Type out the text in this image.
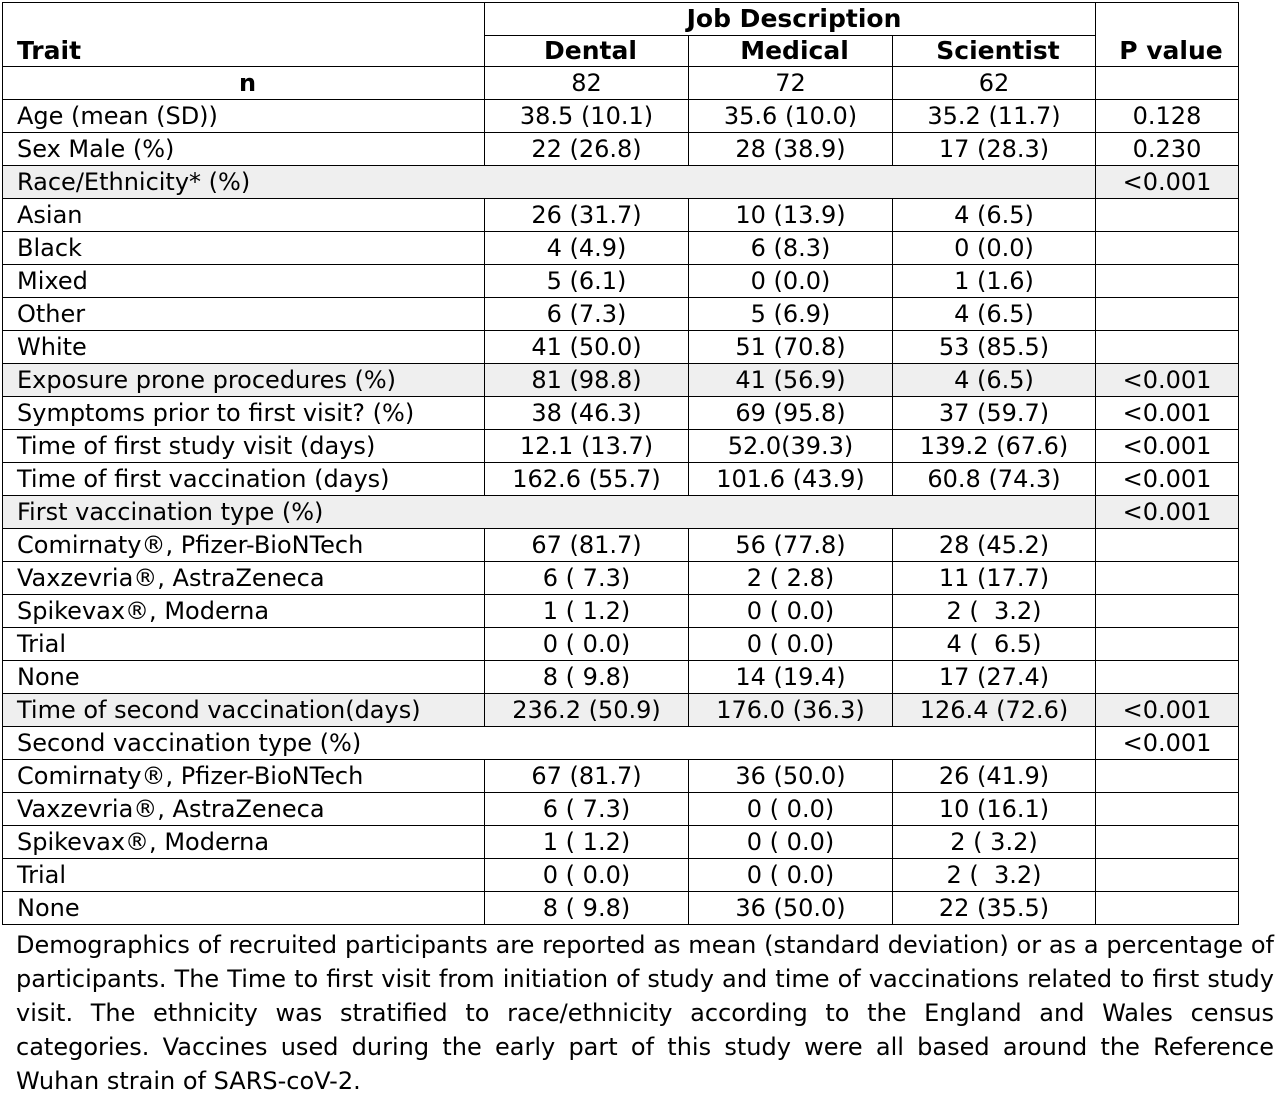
Trait	Job Description			P value
	Dental	Medical	Scientist	
n	82	72	62	
Age (mean (SD))	38.5 (10.1)	35.6 (10.0)	35.2 (11.7)	0.128
Sex Male (%)	22 (26.8)	28 (38.9)	17 (28.3)	0.230
Race/Ethnicity* (%)				<0.001
Asian	26 (31.7)	10 (13.9)	4 (6.5)	
Black	4 (4.9)	6 (8.3)	0 (0.0)	
Mixed	5 (6.1)	0 (0.0)	1 (1.6)	
Other	6 (7.3)	5 (6.9)	4 (6.5)	
White	41 (50.0)	51 (70.8)	53 (85.5)	
Exposure prone procedures (%)	81 (98.8)	41 (56.9)	4 (6.5)	<0.001
Symptoms prior to first visit? (%)	38 (46.3)	69 (95.8)	37 (59.7)	<0.001
Time of first study visit (days)	12.1 (13.7)	52.0(39.3)	139.2 (67.6)	<0.001
Time of first vaccination (days)	162.6 (55.7)	101.6 (43.9)	60.8 (74.3)	<0.001
First vaccination type (%)				<0.001
Comirnaty®, Pfizer-BioNTech	67 (81.7)	56 (77.8)	28 (45.2)	
Vaxzevria®, AstraZeneca	6 ( 7.3)	2 ( 2.8)	11 (17.7)	
Spikevax®, Moderna	1 ( 1.2)	0 ( 0.0)	2 (  3.2)	
Trial	0 ( 0.0)	0 ( 0.0)	4 (  6.5)	
None	8 ( 9.8)	14 (19.4)	17 (27.4)	
Time of second vaccination(days)	236.2 (50.9)	176.0 (36.3)	126.4 (72.6)	<0.001
Second vaccination type (%)				<0.001
Comirnaty®, Pfizer-BioNTech	67 (81.7)	36 (50.0)	26 (41.9)	
Vaxzevria®, AstraZeneca	6 ( 7.3)	0 ( 0.0)	10 (16.1)	
Spikevax®, Moderna	1 ( 1.2)	0 ( 0.0)	2 ( 3.2)	
Trial	0 ( 0.0)	0 ( 0.0)	2 (  3.2)	
None	8 ( 9.8)	36 (50.0)	22 (35.5)	

Demographics of recruited participants are reported as mean (standard deviation) or as a percentage of participants. The Time to first visit from initiation of study and time of vaccinations related to first study visit. The ethnicity was stratified to race/ethnicity according to the England and Wales census categories. Vaccines used during the early part of this study were all based around the Reference Wuhan strain of SARS-coV-2.
